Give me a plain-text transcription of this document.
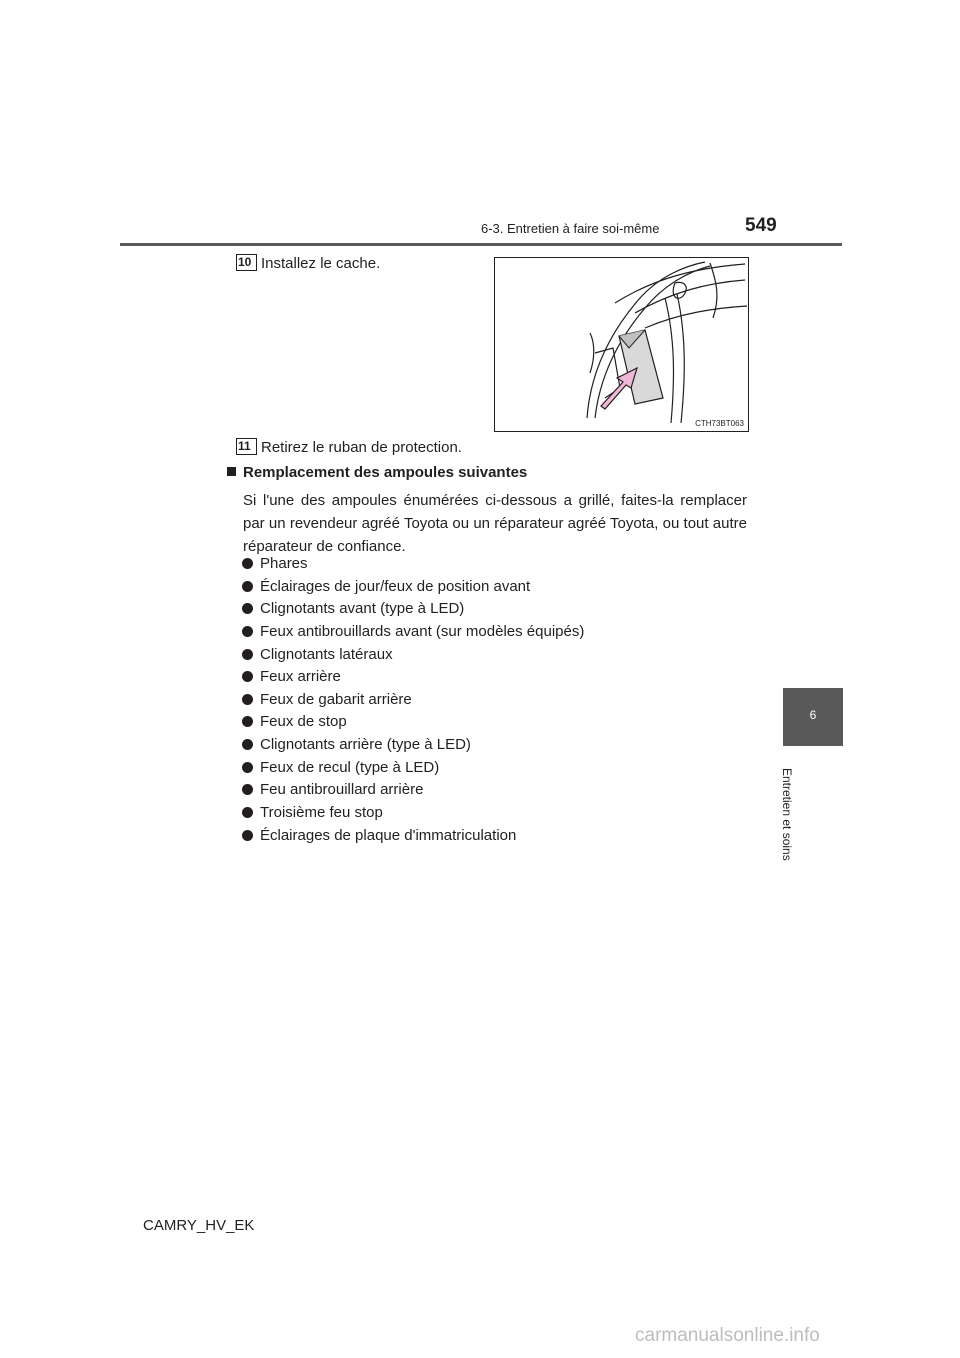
6-3. Entretien à faire soi-même	549
6
Entretien et soins
10 Installez le cache.
CTH73BT063
11 Retirez le ruban de protection.
Remplacement des ampoules suivantes
Si l'une des ampoules énumérées ci-dessous a grillé, faites-la remplacer par un revendeur agréé Toyota ou un réparateur agréé Toyota, ou tout autre réparateur de confiance.
Phares
Éclairages de jour/feux de position avant
Clignotants avant (type à LED)
Feux antibrouillards avant (sur modèles équipés)
Clignotants latéraux
Feux arrière
Feux de gabarit arrière
Feux de stop
Clignotants arrière (type à LED)
Feux de recul (type à LED)
Feu antibrouillard arrière
Troisième feu stop
Éclairages de plaque d'immatriculation
CAMRY_HV_EK
carmanualsonline.info
